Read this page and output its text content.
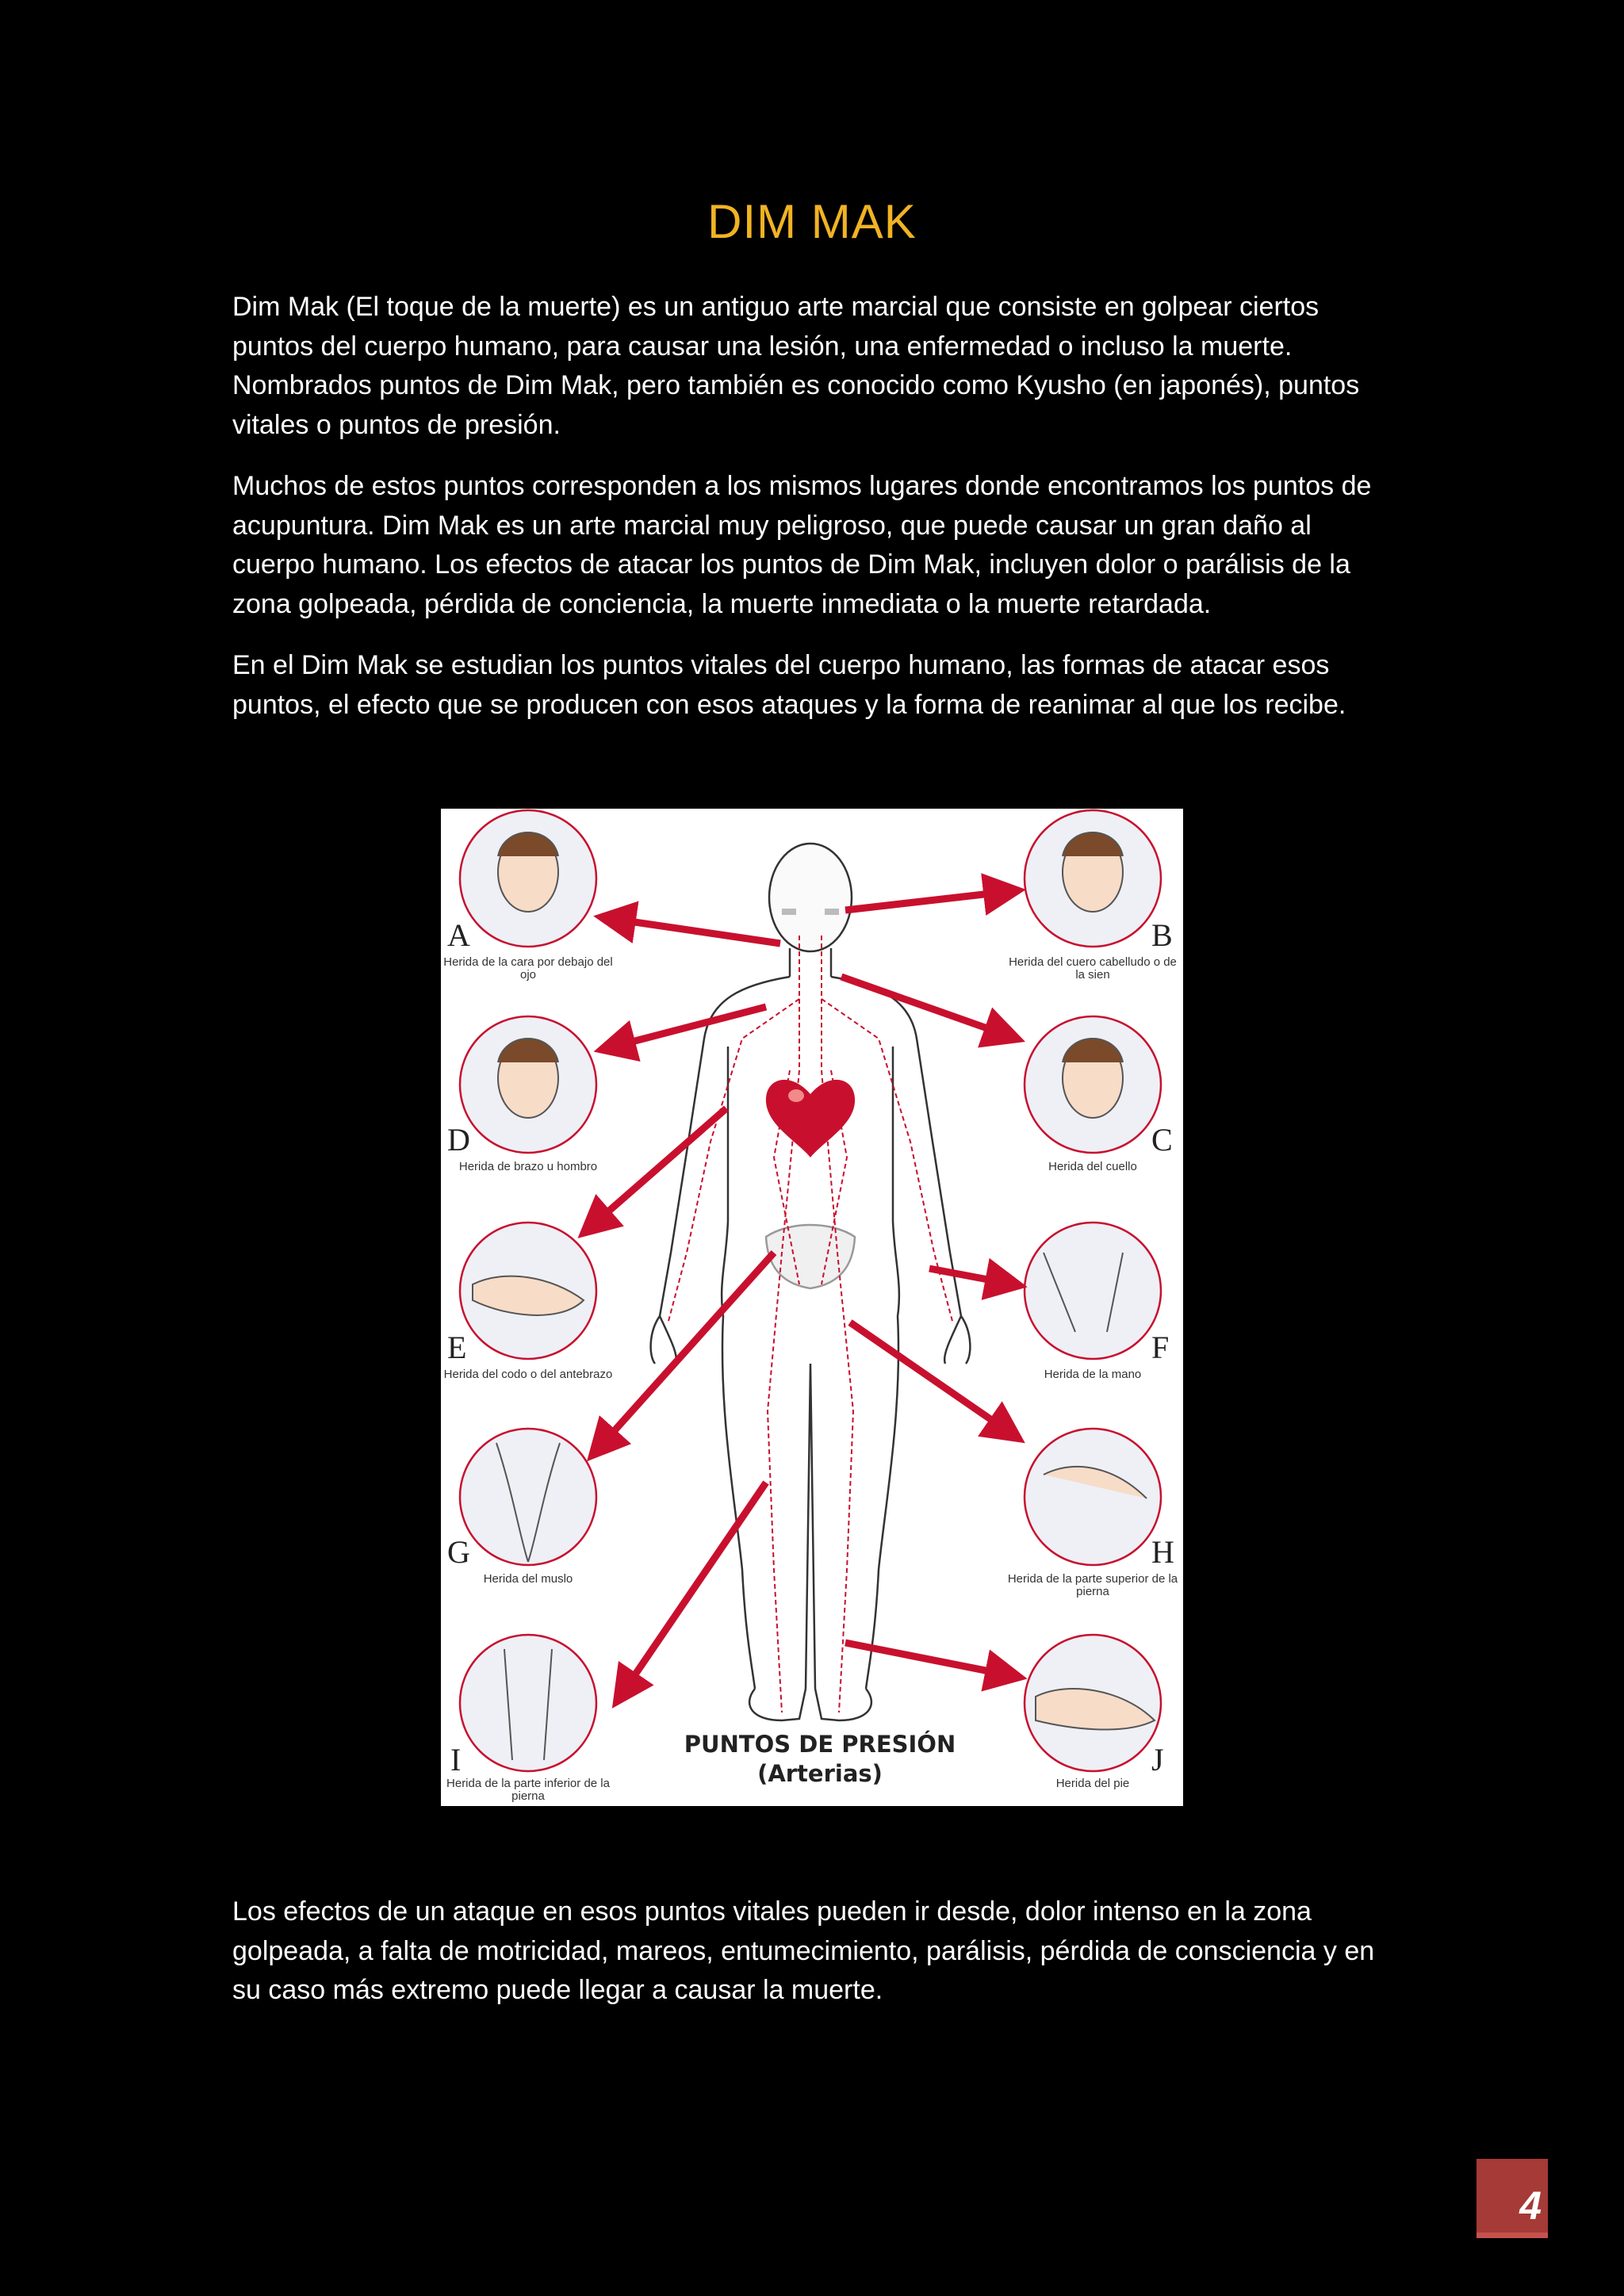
DIM MAK

Dim Mak (El toque de la muerte) es un antiguo arte marcial que consiste en golpear ciertos puntos del cuerpo humano, para causar una lesión, una enfermedad o incluso la muerte. Nombrados puntos de Dim Mak, pero también es conocido como Kyusho (en japonés), puntos vitales o puntos de presión.

Muchos de estos puntos corresponden a los mismos lugares donde encontramos los puntos de acupuntura. Dim Mak es un arte marcial muy peligroso, que puede causar un gran daño al cuerpo humano. Los efectos de atacar los puntos de Dim Mak, incluyen dolor o parálisis de la zona golpeada, pérdida de conciencia, la muerte inmediata o la muerte retardada.

En el Dim Mak se estudian los puntos vitales del cuerpo humano, las formas de atacar esos puntos, el efecto que se producen con esos ataques y la forma de reanimar al que los recibe.

A	B
C
D
E	F
G	H
I	J
Herida de la cara por debajo del ojo
Herida del cuero cabelludo o de la sien
Herida del cuello
Herida de brazo u hombro
Herida del codo o del antebrazo	Herida de la mano
Herida del muslo	Herida de la parte superior de la pierna
Herida de la parte inferior de la pierna
Herida del pie
PUNTOS DE PRESIÓN
(Arterias)

Los efectos de un ataque en esos puntos vitales pueden ir desde, dolor intenso en la zona golpeada, a falta de motricidad, mareos, entumecimiento, parálisis, pérdida de consciencia y en su caso más extremo puede llegar a causar la muerte.

4
